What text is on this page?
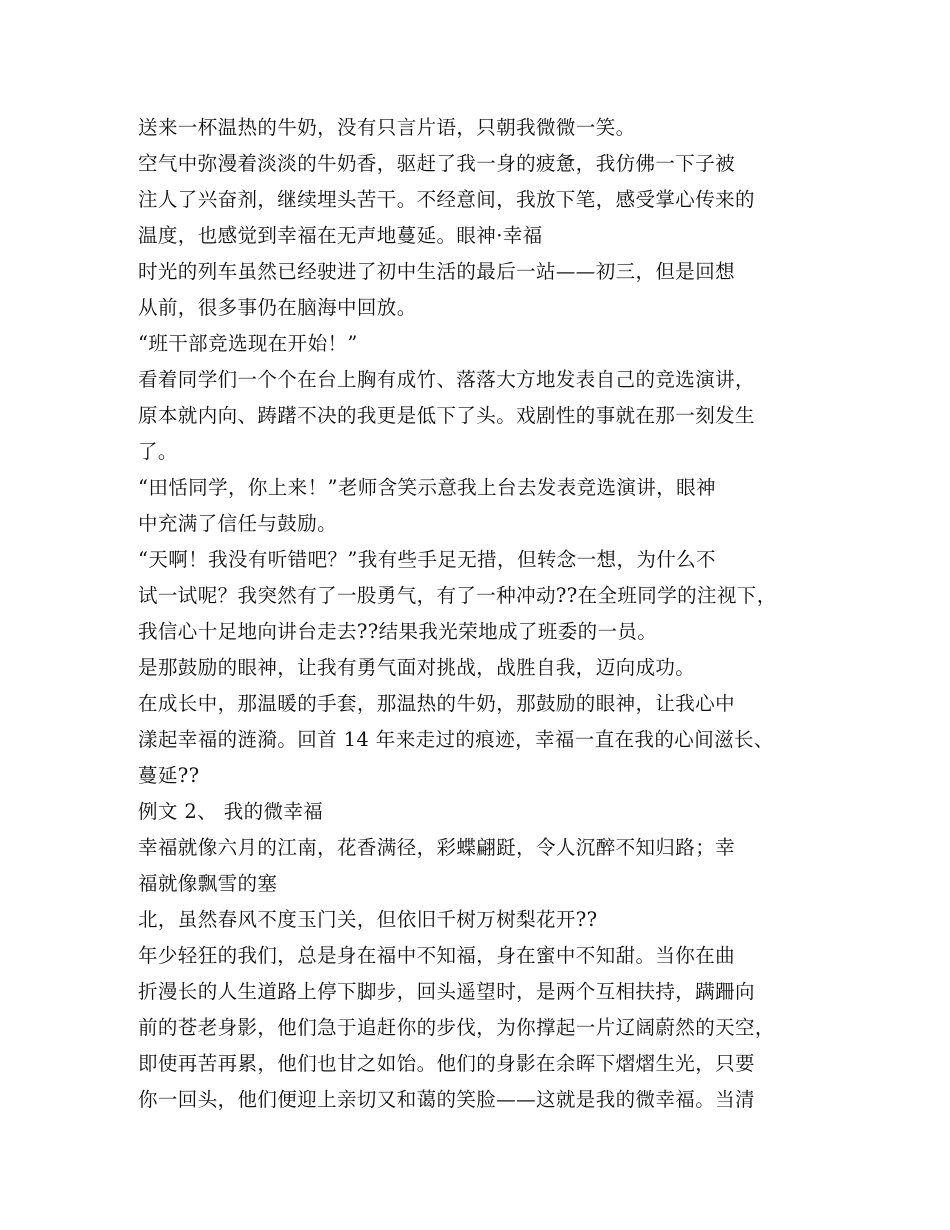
送来一杯温热的牛奶，没有只言片语，只朝我微微一笑。
空气中弥漫着淡淡的牛奶香，驱赶了我一身的疲惫，我仿佛一下子被
注人了兴奋剂，继续埋头苦干。不经意间，我放下笔，感受掌心传来的
温度，也感觉到幸福在无声地蔓延。眼神·幸福
时光的列车虽然已经驶进了初中生活的最后一站——初三，但是回想
从前，很多事仍在脑海中回放。
“班干部竞选现在开始！”
看着同学们一个个在台上胸有成竹、落落大方地发表自己的竞选演讲，
原本就内向、踌躇不决的我更是低下了头。戏剧性的事就在那一刻发生
了。
“田恬同学，你上来！”老师含笑示意我上台去发表竞选演讲，眼神
中充满了信任与鼓励。
“天啊！我没有听错吧？”我有些手足无措，但转念一想，为什么不
试一试呢？我突然有了一股勇气，有了一种冲动??在全班同学的注视下，
我信心十足地向讲台走去??结果我光荣地成了班委的一员。
是那鼓励的眼神，让我有勇气面对挑战，战胜自我，迈向成功。
在成长中，那温暖的手套，那温热的牛奶，那鼓励的眼神，让我心中
漾起幸福的涟漪。回首 14 年来走过的痕迹，幸福一直在我的心间滋长、
蔓延??
例文 2、 我的微幸福
幸福就像六月的江南，花香满径，彩蝶翩跹，令人沉醉不知归路；幸
福就像飘雪的塞
北，虽然春风不度玉门关，但依旧千树万树梨花开??
年少轻狂的我们，总是身在福中不知福，身在蜜中不知甜。当你在曲
折漫长的人生道路上停下脚步，回头遥望时，是两个互相扶持，蹒跚向
前的苍老身影，他们急于追赶你的步伐，为你撑起一片辽阔蔚然的天空，
即使再苦再累，他们也甘之如饴。他们的身影在余晖下熠熠生光，只要
你一回头，他们便迎上亲切又和蔼的笑脸——这就是我的微幸福。当清
